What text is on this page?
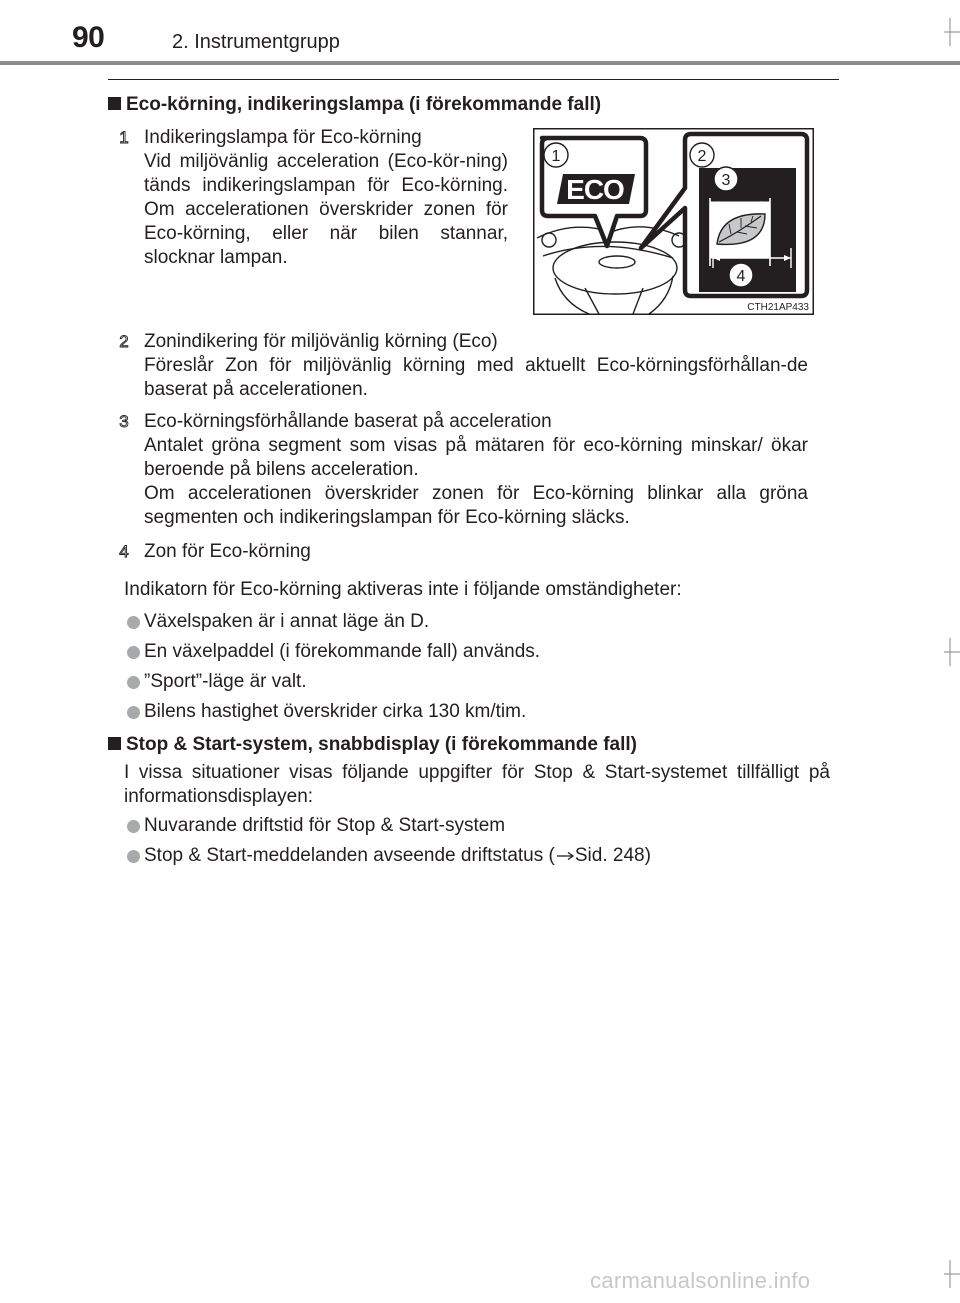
90	2. Instrumentgrupp
Eco-körning, indikeringslampa (i förekommande fall)
1 Indikeringslampa för Eco-körning
Vid miljövänlig acceleration (Eco-kör-ning) tänds indikeringslampan för Eco-körning. Om accelerationen överskrider zonen för Eco-körning, eller när bilen stannar, slocknar lampan.
ECO
1	2
3
4
CTH21AP433
2 Zonindikering för miljövänlig körning (Eco)
Föreslår Zon för miljövänlig körning med aktuellt Eco-körningsförhållan-de baserat på accelerationen.
3 Eco-körningsförhållande baserat på acceleration
Antalet gröna segment som visas på mätaren för eco-körning minskar/ ökar beroende på bilens acceleration.
Om accelerationen överskrider zonen för Eco-körning blinkar alla gröna segmenten och indikeringslampan för Eco-körning släcks.
4 Zon för Eco-körning
Indikatorn för Eco-körning aktiveras inte i följande omständigheter:
Växelspaken är i annat läge än D.
En växelpaddel (i förekommande fall) används.
”Sport”-läge är valt.
Bilens hastighet överskrider cirka 130 km/tim.
Stop & Start-system, snabbdisplay (i förekommande fall)
I vissa situationer visas följande uppgifter för Stop & Start-systemet tillfälligt på informationsdisplayen:
Nuvarande driftstid för Stop & Start-system
Stop & Start-meddelanden avseende driftstatus ( Sid. 248)
carmanualsonline.info
